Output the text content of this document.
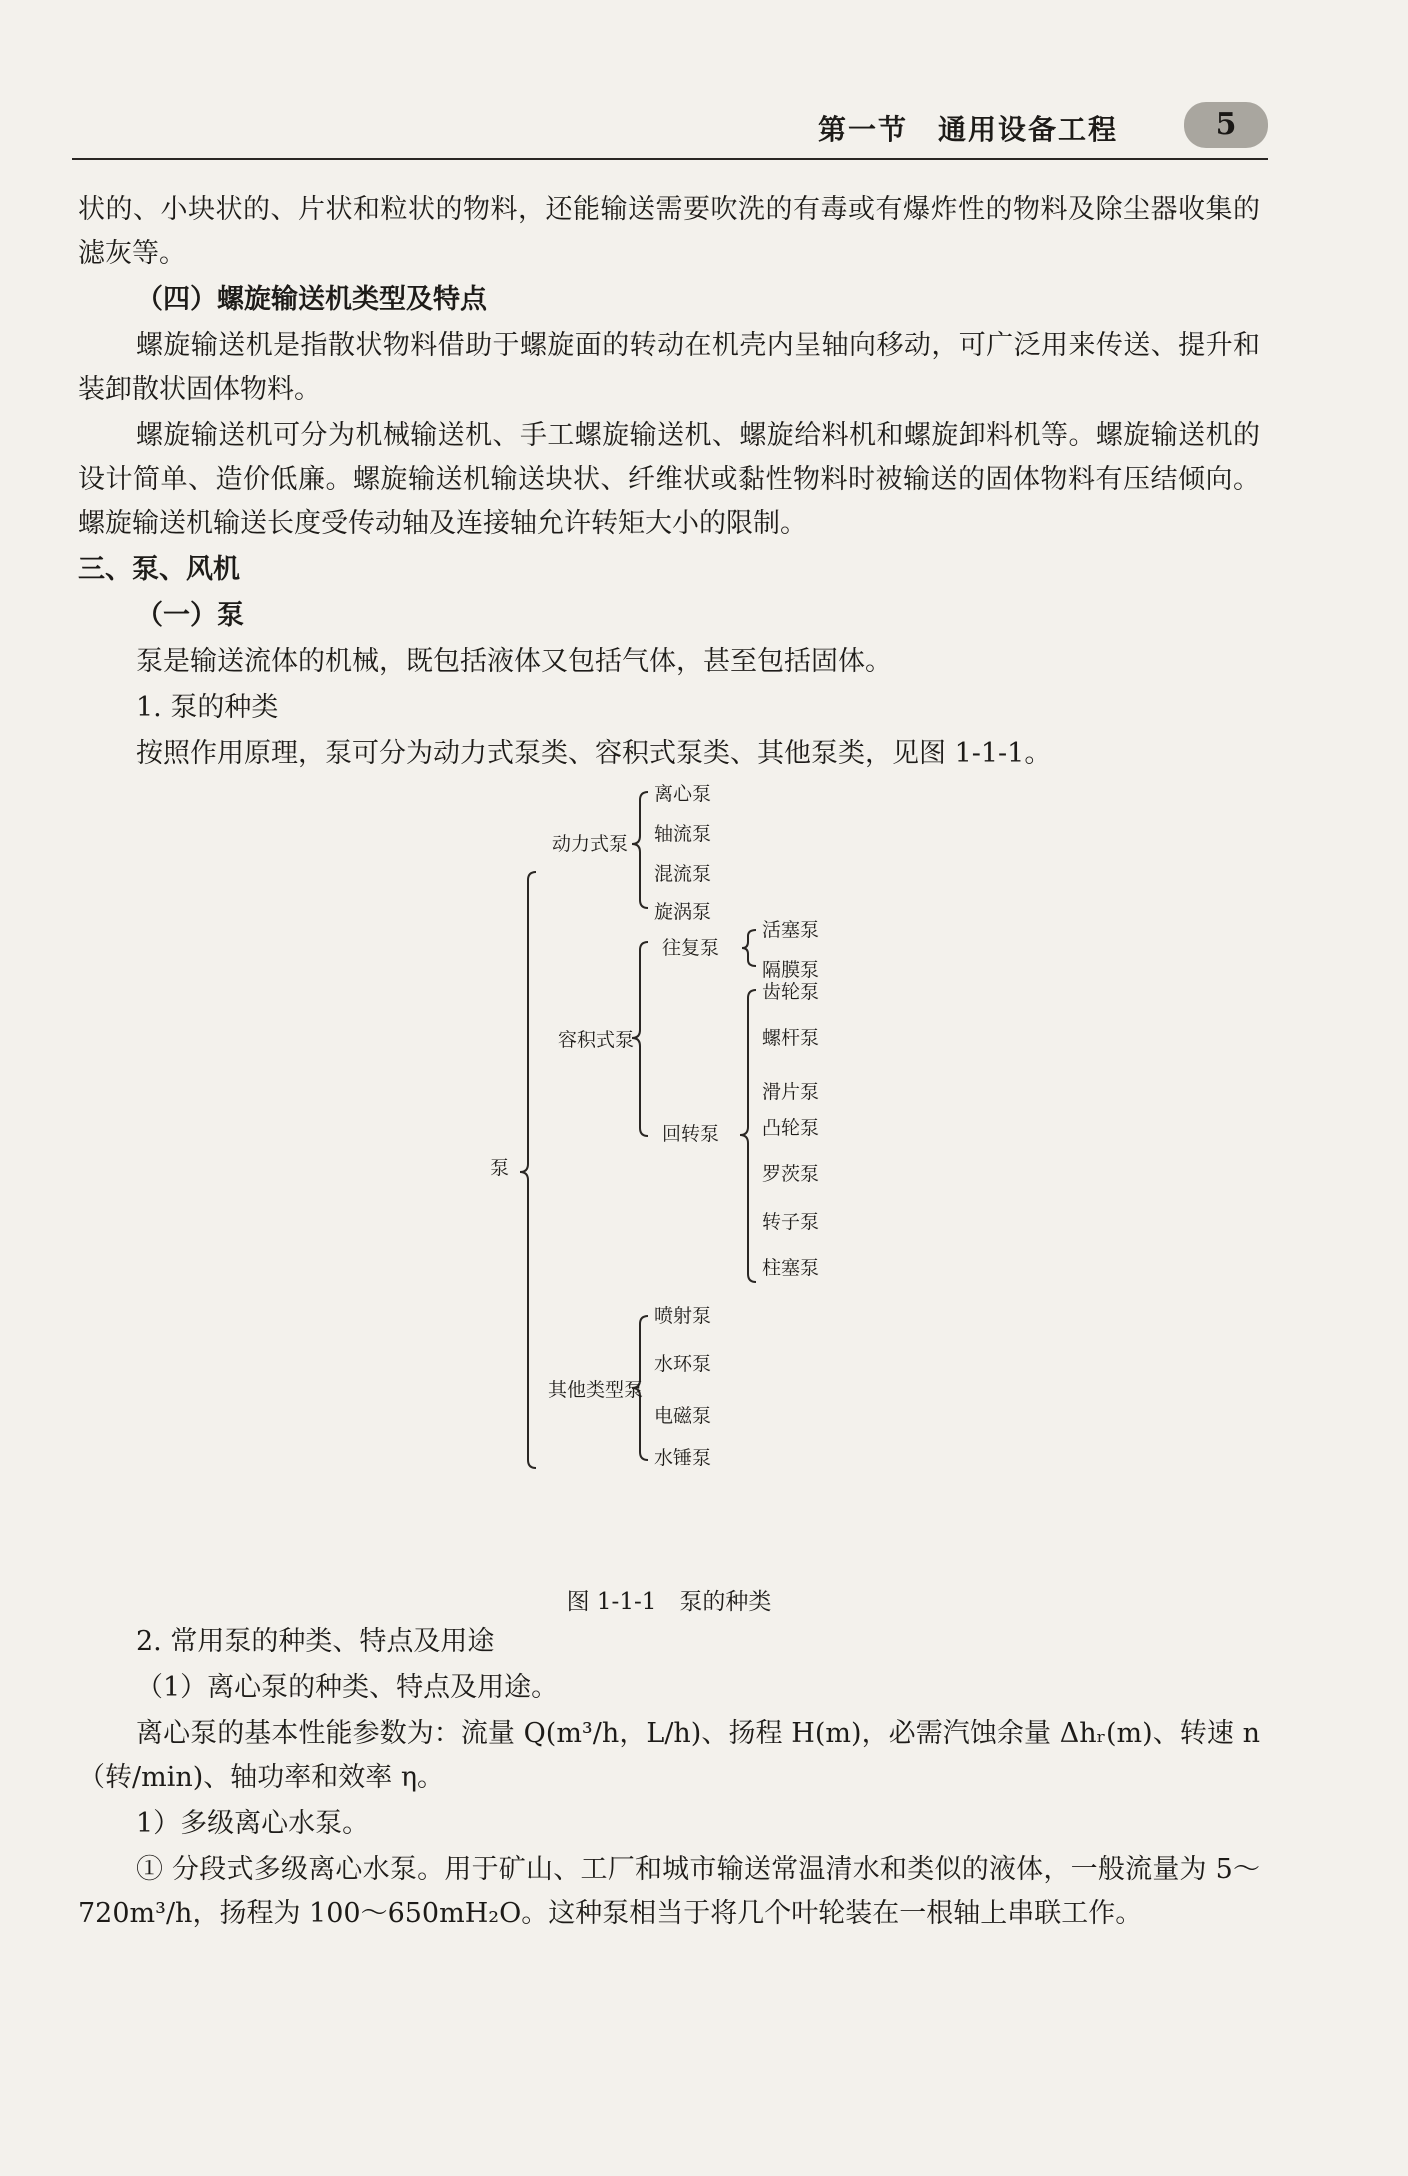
第一节　通用设备工程	5

状的、小块状的、片状和粒状的物料，还能输送需要吹洗的有毒或有爆炸性的物料及除尘器收集的滤灰等。

（四）螺旋输送机类型及特点

螺旋输送机是指散状物料借助于螺旋面的转动在机壳内呈轴向移动，可广泛用来传送、提升和装卸散状固体物料。

螺旋输送机可分为机械输送机、手工螺旋输送机、螺旋给料机和螺旋卸料机等。螺旋输送机的设计简单、造价低廉。螺旋输送机输送块状、纤维状或黏性物料时被输送的固体物料有压结倾向。螺旋输送机输送长度受传动轴及连接轴允许转矩大小的限制。

三、泵、风机

（一）泵

泵是输送流体的机械，既包括液体又包括气体，甚至包括固体。

1. 泵的种类

按照作用原理，泵可分为动力式泵类、容积式泵类、其他泵类，见图 1-1-1。

泵
动力式泵
离心泵
轴流泵
混流泵
旋涡泵
容积式泵
往复泵
活塞泵
隔膜泵
回转泵
齿轮泵
螺杆泵
滑片泵
凸轮泵
罗茨泵
转子泵
柱塞泵
其他类型泵
喷射泵
水环泵
电磁泵
水锤泵
图 1-1-1　泵的种类

2. 常用泵的种类、特点及用途

（1）离心泵的种类、特点及用途。

离心泵的基本性能参数为：流量 Q(m³/h，L/h)、扬程 H(m)，必需汽蚀余量 Δhᵣ(m)、转速 n（转/min)、轴功率和效率 η。

1）多级离心水泵。

① 分段式多级离心水泵。用于矿山、工厂和城市输送常温清水和类似的液体，一般流量为 5～720m³/h，扬程为 100～650mH₂O。这种泵相当于将几个叶轮装在一根轴上串联工作。
